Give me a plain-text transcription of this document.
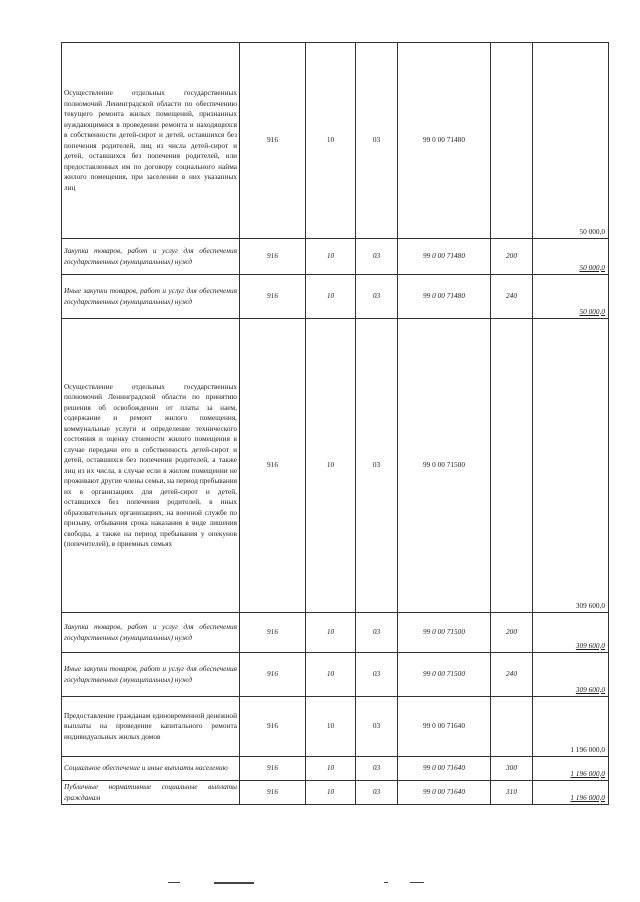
Осуществление отдельных государственных полномочий Ленинградской области по обеспечению текущего ремонта жилых помещений, признанных нуждающимися в проведении ремонта и находящихся в собственности детей-сирот и детей, оставшихся без попечения родителей, лиц из числа детей-сирот и детей, оставшихся без попечения родителей, или предоставленных им по договору социального найма жилого помещения, при заселении в них указанных лиц	916	10	03	99 0 00 71480		50 000,0
Закупка товаров, работ и услуг для обеспечения государственных (муниципальных) нужд	916	10	03	99 0 00 71480	200	50 000,0
Иные закупки товаров, работ и услуг для обеспечения государственных (муниципальных) нужд	916	10	03	99 0 00 71480	240	50 000,0
Осуществление отдельных государственных полномочий Ленинградской области по принятию решения об освобождении от платы за наем, содержание и ремонт жилого помещения, коммунальные услуги и определение технического состояния и оценку стоимости жилого помещения в случае передачи его в собственность детей-сирот и детей, оставшихся без попечения родителей, а также лиц из их числа, в случае если в жилом помещении не проживают другие члены семьи, на период пребывания их в организациях для детей-сирот и детей, оставшихся без попечения родителей, в иных образовательных организациях, на военной службе по призыву, отбывания срока наказания в виде лишения свободы, а также на период пребывания у опекунов (попечителей), в приемных семьях	916	10	03	99 0 00 71500		309 600,0
Закупка товаров, работ и услуг для обеспечения государственных (муниципальных) нужд	916	10	03	99 0 00 71500	200	309 600,0
Иные закупки товаров, работ и услуг для обеспечения государственных (муниципальных) нужд	916	10	03	99 0 00 71500	240	309 600,0
Предоставление гражданам единовременной денежной выплаты на проведение капитального ремонта индивидуальных жилых домов	916	10	03	99 0 00 71640		1 196 000,0
Социальное обеспечение и иные выплаты населению	916	10	03	99 0 00 71640	300	1 196 000,0
Публичные нормативные социальные выплаты гражданам	916	10	03	99 0 00 71640	310	1 196 000,0
